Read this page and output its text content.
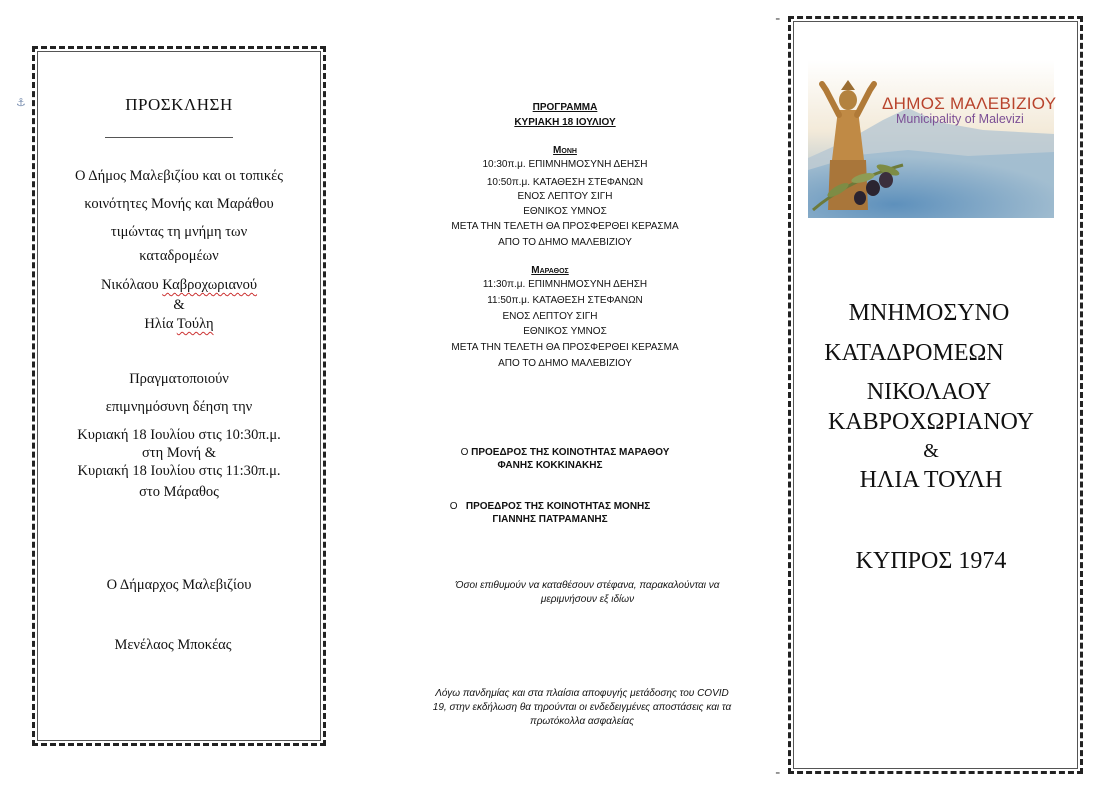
⚓	ΠΡΟΣΚΛΗΣΗ
Ο Δήμος Μαλεβιζίου και οι τοπικές
κοινότητες Μονής και Μαράθου
τιμώντας τη μνήμη των
καταδρομέων
Νικόλαου Καβροχωριανού
&
Ηλία Τούλη
Πραγματοποιούν
επιμνημόσυνη δέηση την
Κυριακή 18 Ιουλίου στις 10:30π.μ.
στη Μονή &
Κυριακή 18 Ιουλίου στις 11:30π.μ.
στο Μάραθος
Ο Δήμαρχος Μαλεβιζίου
Μενέλαος Μποκέας
ΠΡΟΓΡΑΜΜΑ
ΚΥΡΙΑΚΗ 18 ΙΟΥΛΙΟΥ
Μονη
10:30π.μ. ΕΠΙΜΝΗΜΟΣΥΝΗ ΔΕΗΣΗ
10:50π.μ. ΚΑΤΑΘΕΣΗ ΣΤΕΦΑΝΩΝ
ΕΝΟΣ ΛΕΠΤΟΥ ΣΙΓΗ
ΕΘΝΙΚΟΣ ΥΜΝΟΣ
ΜΕΤΑ ΤΗΝ ΤΕΛΕΤΗ ΘΑ ΠΡΟΣΦΕΡΘΕΙ ΚΕΡΑΣΜΑ
ΑΠΟ ΤΟ ΔΗΜΟ ΜΑΛΕΒΙΖΙΟΥ
Μαραθος
11:30π.μ. ΕΠΙΜΝΗΜΟΣΥΝΗ ΔΕΗΣΗ
11:50π.μ. ΚΑΤΑΘΕΣΗ ΣΤΕΦΑΝΩΝ
ΕΝΟΣ ΛΕΠΤΟΥ ΣΙΓΗ
ΕΘΝΙΚΟΣ ΥΜΝΟΣ
ΜΕΤΑ ΤΗΝ ΤΕΛΕΤΗ ΘΑ ΠΡΟΣΦΕΡΘΕΙ ΚΕΡΑΣΜΑ
ΑΠΟ ΤΟ ΔΗΜΟ ΜΑΛΕΒΙΖΙΟΥ
Ο ΠΡΟΕΔΡΟΣ ΤΗΣ ΚΟΙΝΟΤΗΤΑΣ ΜΑΡΑΘΟΥ
ΦΑΝΗΣ ΚΟΚΚΙΝΑΚΗΣ
Ο   ΠΡΟΕΔΡΟΣ ΤΗΣ ΚΟΙΝΟΤΗΤΑΣ ΜΟΝΗΣ
ΓΙΑΝΝΗΣ ΠΑΤΡΑΜΑΝΗΣ
Όσοι επιθυμούν να καταθέσουν στέφανα, παρακαλούνται να
μεριμνήσουν εξ ιδίων
Λόγω πανδημίας και στα πλαίσια αποφυγής μετάδοσης του COVID
19, στην εκδήλωση θα τηρούνται οι ενδεδειγμένες αποστάσεις και τα
πρωτόκολλα ασφαλείας
╴
╴
ΔΗΜΟΣ ΜΑΛΕΒΙΖΙΟΥ
Municipality of Malevizi
ΜΝΗΜΟΣΥΝΟ
ΚΑΤΑΔΡΟΜΕΩΝ
ΝΙΚΟΛΑΟΥ
ΚΑΒΡΟΧΩΡΙΑΝΟΥ
&
ΗΛΙΑ ΤΟΥΛΗ
ΚΥΠΡΟΣ 1974
